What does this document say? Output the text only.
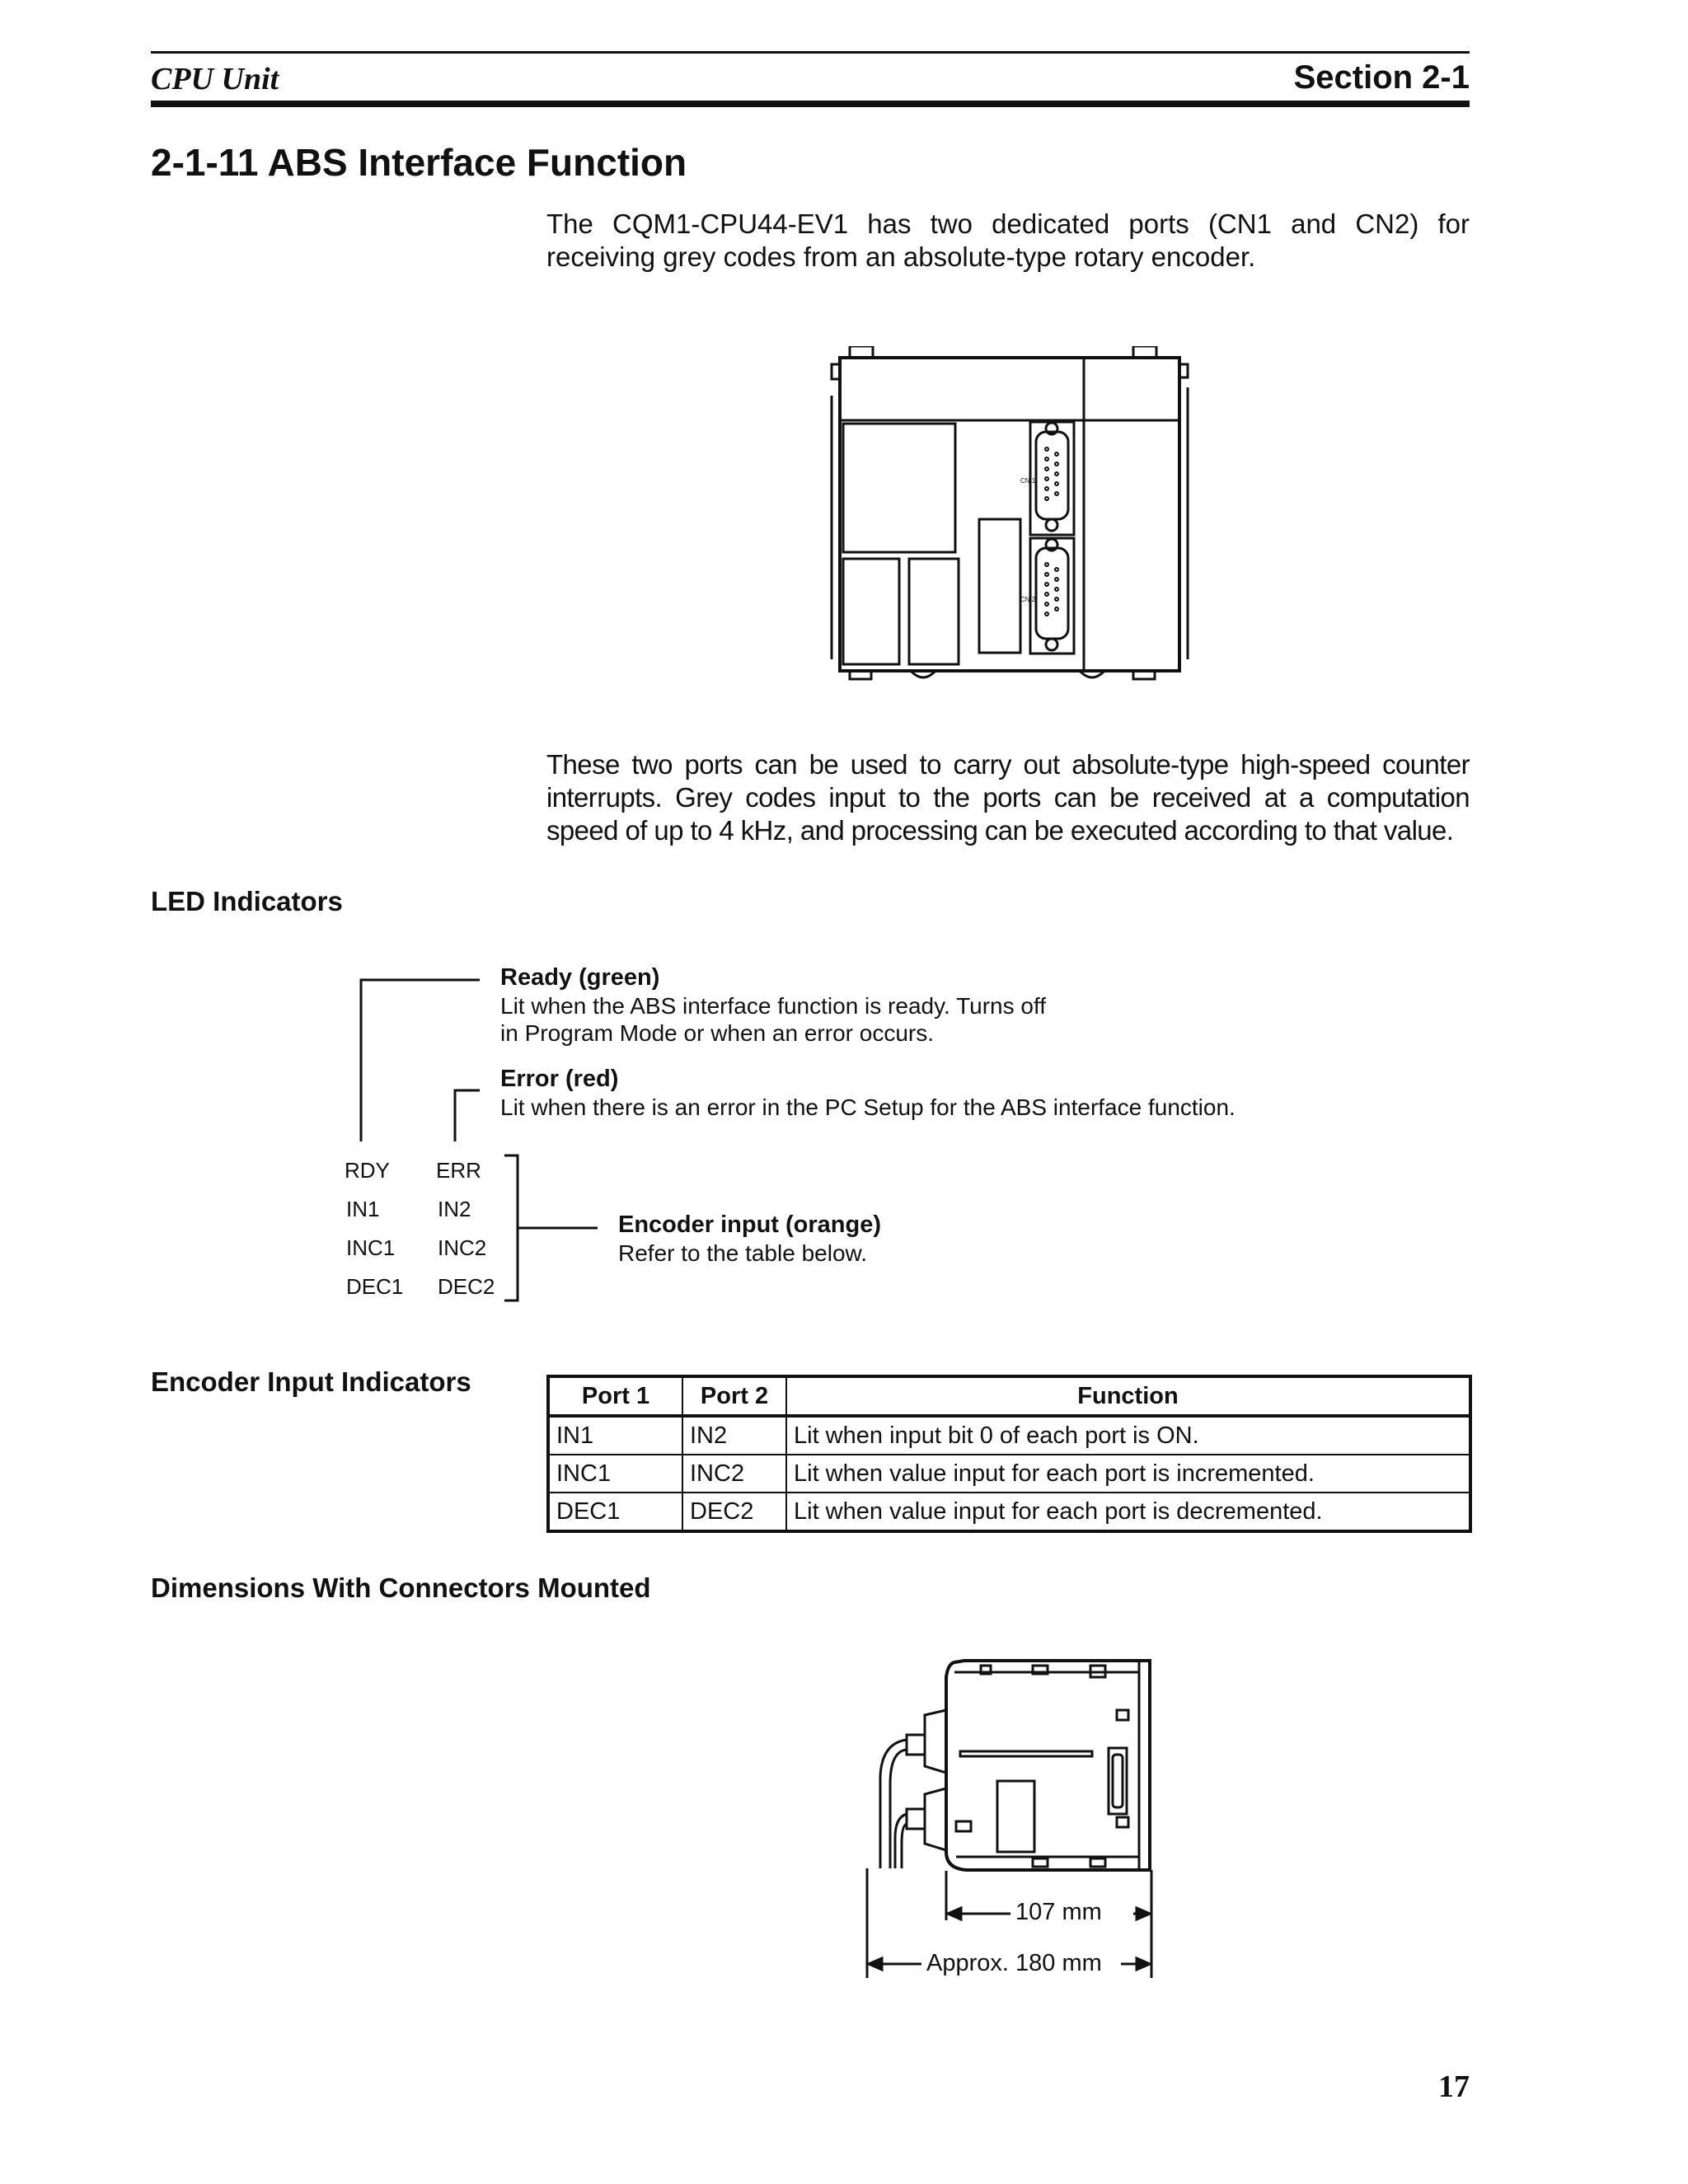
CPU Unit	Section 2-1
2-1-11 ABS Interface Function
The CQM1-CPU44-EV1 has two dedicated ports (CN1 and CN2) for receiving grey codes from an absolute-type rotary encoder.
CN 1
CN 2
These two ports can be used to carry out absolute-type high-speed counter interrupts. Grey codes input to the ports can be received at a computation speed of up to 4 kHz, and processing can be executed according to that value.
LED Indicators
RDY ERR
IN1	IN2
INC1 INC2
DEC1 DEC2
Ready (green)
Lit when the ABS interface function is ready. Turns off
in Program Mode or when an error occurs.
Error (red)
Lit when there is an error in the PC Setup for the ABS interface function.
Encoder input (orange)
Refer to the table below.
Encoder Input Indicators	Port 1	Port 2	Function
IN1	IN2	Lit when input bit 0 of each port is ON.
INC1	INC2	Lit when value input for each port is incremented.
DEC1	DEC2	Lit when value input for each port is decremented.
Dimensions With Connectors Mounted
107 mm
Approx. 180 mm
17
